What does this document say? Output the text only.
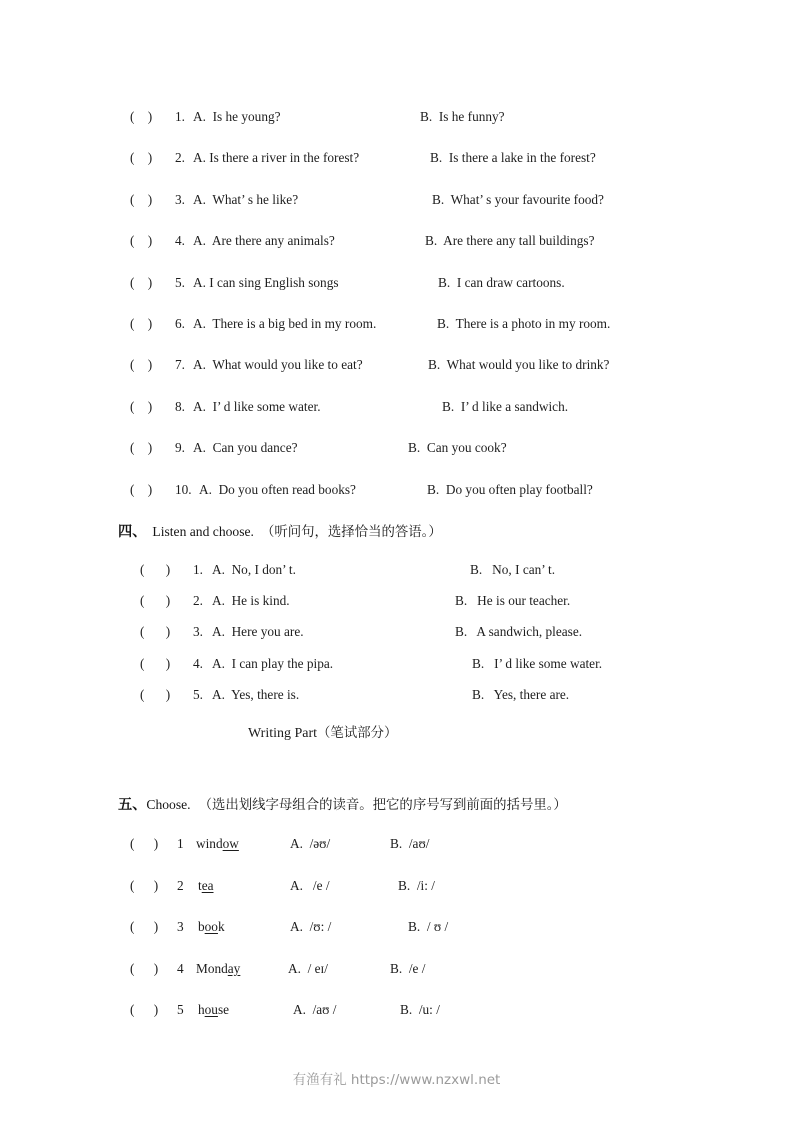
(    ) 1. A.  Is he young?	B.  Is he funny?
(    ) 2. A. Is there a river in the forest?	B.  Is there a lake in the forest?
(    ) 3. A.  What’ s he like?	B.  What’ s your favourite food?
(    ) 4. A.  Are there any animals?	B.  Are there any tall buildings?
(    ) 5. A. I can sing English songs	B.  I can draw cartoons.
(    ) 6. A.  There is a big bed in my room.	B.  There is a photo in my room.
(    ) 7. A.  What would you like to eat?	B.  What would you like to drink?
(    ) 8. A.  I’ d like some water.	B.  I’ d like a sandwich.
(    ) 9. A.  Can you dance?	B.  Can you cook?
(    ) 10. A.  Do you often read books?	B.  Do you often play football?
四、 Listen and choose. （听问句，选择恰当的答语。）
(    ) 1. A.  No, I don’ t.	B.   No, I can’ t.
(    ) 2. A.  He is kind.	B.   He is our teacher.
(    ) 3. A.  Here you are.	B.   A sandwich, please.
(    ) 4. A.  I can play the pipa.	B.   I’ d like some water.
(    ) 5. A.  Yes, there is.	B.   Yes, there are.
Writing Part（笔试部分）
五、Choose. （选出划线字母组合的读音。把它的序号写到前面的括号里。）
(    ) 1 window	A.  /əʊ/	B.  /aʊ/
(    ) 2 tea	A.   /e /	B.  /i: /
(    ) 3 book	A.  /ʊ: /	B.  / ʊ /
(    ) 4 Monday	A.  / eɪ/	B.  /e /
(    ) 5 house	A.  /aʊ /	B.  /u: /
有渔有礼 https://www.nzxwl.net
